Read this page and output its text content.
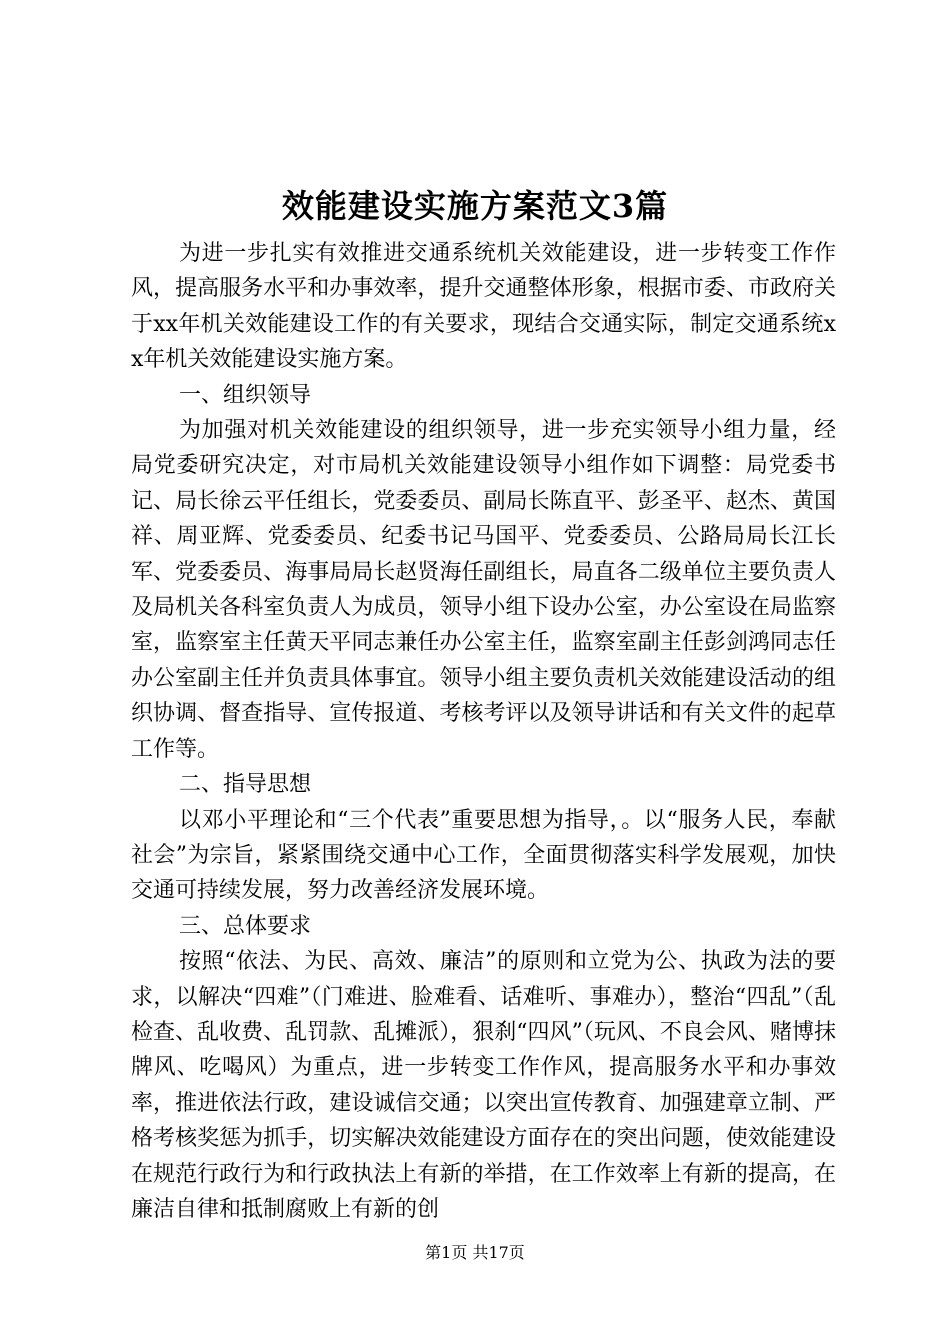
效能建设实施方案范文3篇

为进一步扎实有效推进交通系统机关效能建设，进一步转变工作作风，提高服务水平和办事效率，提升交通整体形象，根据市委、市政府关于xx年机关效能建设工作的有关要求，现结合交通实际，制定交通系统xx年机关效能建设实施方案。

一、组织领导

为加强对机关效能建设的组织领导，进一步充实领导小组力量，经局党委研究决定，对市局机关效能建设领导小组作如下调整：局党委书记、局长徐云平任组长，党委委员、副局长陈直平、彭圣平、赵杰、黄国祥、周亚辉、党委委员、纪委书记马国平、党委委员、公路局局长江长军、党委委员、海事局局长赵贤海任副组长，局直各二级单位主要负责人及局机关各科室负责人为成员，领导小组下设办公室，办公室设在局监察室，监察室主任黄天平同志兼任办公室主任，监察室副主任彭剑鸿同志任办公室副主任并负责具体事宜。领导小组主要负责机关效能建设活动的组织协调、督查指导、宣传报道、考核考评以及领导讲话和有关文件的起草工作等。

二、指导思想

以邓小平理论和“三个代表”重要思想为指导，。以“服务人民，奉献社会”为宗旨，紧紧围绕交通中心工作，全面贯彻落实科学发展观，加快交通可持续发展，努力改善经济发展环境。

三、总体要求

按照“依法、为民、高效、廉洁”的原则和立党为公、执政为法的要求，以解决“四难”（门难进、脸难看、话难听、事难办），整治“四乱”（乱检查、乱收费、乱罚款、乱摊派），狠刹“四风”（玩风、不良会风、赌博抹牌风、吃喝风）为重点，进一步转变工作作风，提高服务水平和办事效率，推进依法行政，建设诚信交通；以突出宣传教育、加强建章立制、严格考核奖惩为抓手，切实解决效能建设方面存在的突出问题，使效能建设在规范行政行为和行政执法上有新的举措，在工作效率上有新的提高，在廉洁自律和抵制腐败上有新的创

第1页 共17页
